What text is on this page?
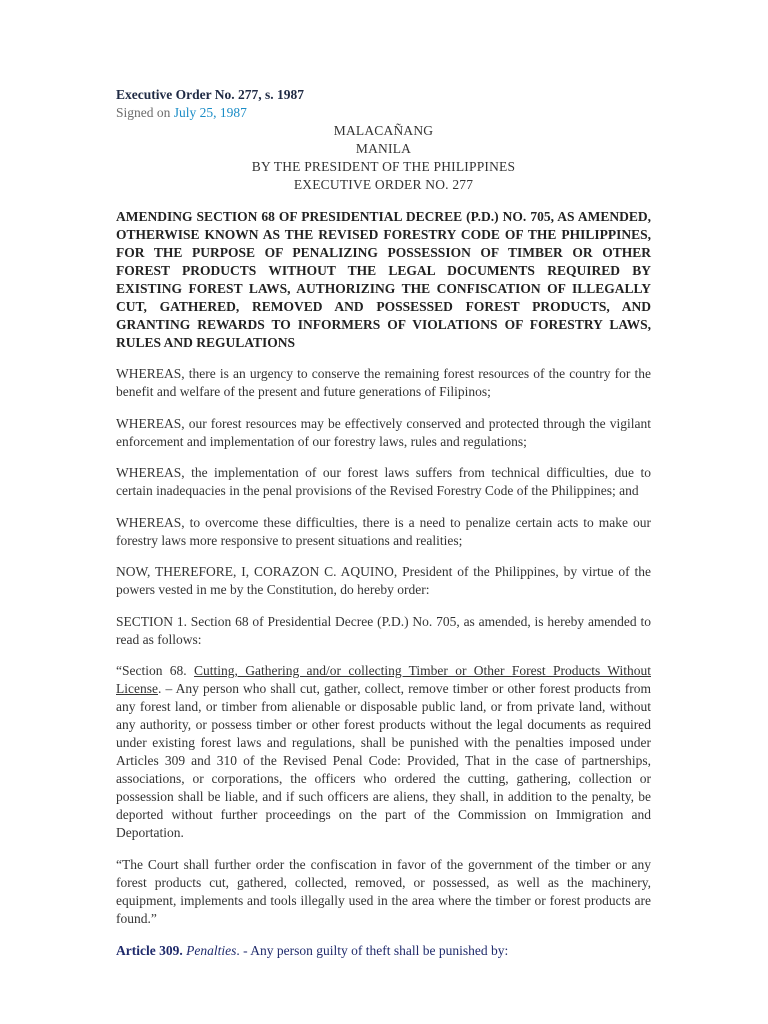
Executive Order No. 277, s. 1987

Signed on July 25, 1987

MALACAÑANG

MANILA

BY THE PRESIDENT OF THE PHILIPPINES

EXECUTIVE ORDER NO. 277

AMENDING SECTION 68 OF PRESIDENTIAL DECREE (P.D.) NO. 705, AS AMENDED, OTHERWISE KNOWN AS THE REVISED FORESTRY CODE OF THE PHILIPPINES, FOR THE PURPOSE OF PENALIZING POSSESSION OF TIMBER OR OTHER FOREST PRODUCTS WITHOUT THE LEGAL DOCUMENTS REQUIRED BY EXISTING FOREST LAWS, AUTHORIZING THE CONFISCATION OF ILLEGALLY CUT, GATHERED, REMOVED AND POSSESSED FOREST PRODUCTS, AND GRANTING REWARDS TO INFORMERS OF VIOLATIONS OF FORESTRY LAWS, RULES AND REGULATIONS

WHEREAS, there is an urgency to conserve the remaining forest resources of the country for the benefit and welfare of the present and future generations of Filipinos;

WHEREAS, our forest resources may be effectively conserved and protected through the vigilant enforcement and implementation of our forestry laws, rules and regulations;

WHEREAS, the implementation of our forest laws suffers from technical difficulties, due to certain inadequacies in the penal provisions of the Revised Forestry Code of the Philippines; and

WHEREAS, to overcome these difficulties, there is a need to penalize certain acts to make our forestry laws more responsive to present situations and realities;

NOW, THEREFORE, I, CORAZON C. AQUINO, President of the Philippines, by virtue of the powers vested in me by the Constitution, do hereby order:

SECTION 1. Section 68 of Presidential Decree (P.D.) No. 705, as amended, is hereby amended to read as follows:

“Section 68. Cutting, Gathering and/or collecting Timber or Other Forest Products Without License. – Any person who shall cut, gather, collect, remove timber or other forest products from any forest land, or timber from alienable or disposable public land, or from private land, without any authority, or possess timber or other forest products without the legal documents as required under existing forest laws and regulations, shall be punished with the penalties imposed under Articles 309 and 310 of the Revised Penal Code: Provided, That in the case of partnerships, associations, or corporations, the officers who ordered the cutting, gathering, collection or possession shall be liable, and if such officers are aliens, they shall, in addition to the penalty, be deported without further proceedings on the part of the Commission on Immigration and Deportation.

“The Court shall further order the confiscation in favor of the government of the timber or any forest products cut, gathered, collected, removed, or possessed, as well as the machinery, equipment, implements and tools illegally used in the area where the timber or forest products are found.”

Article 309. Penalties. - Any person guilty of theft shall be punished by:
